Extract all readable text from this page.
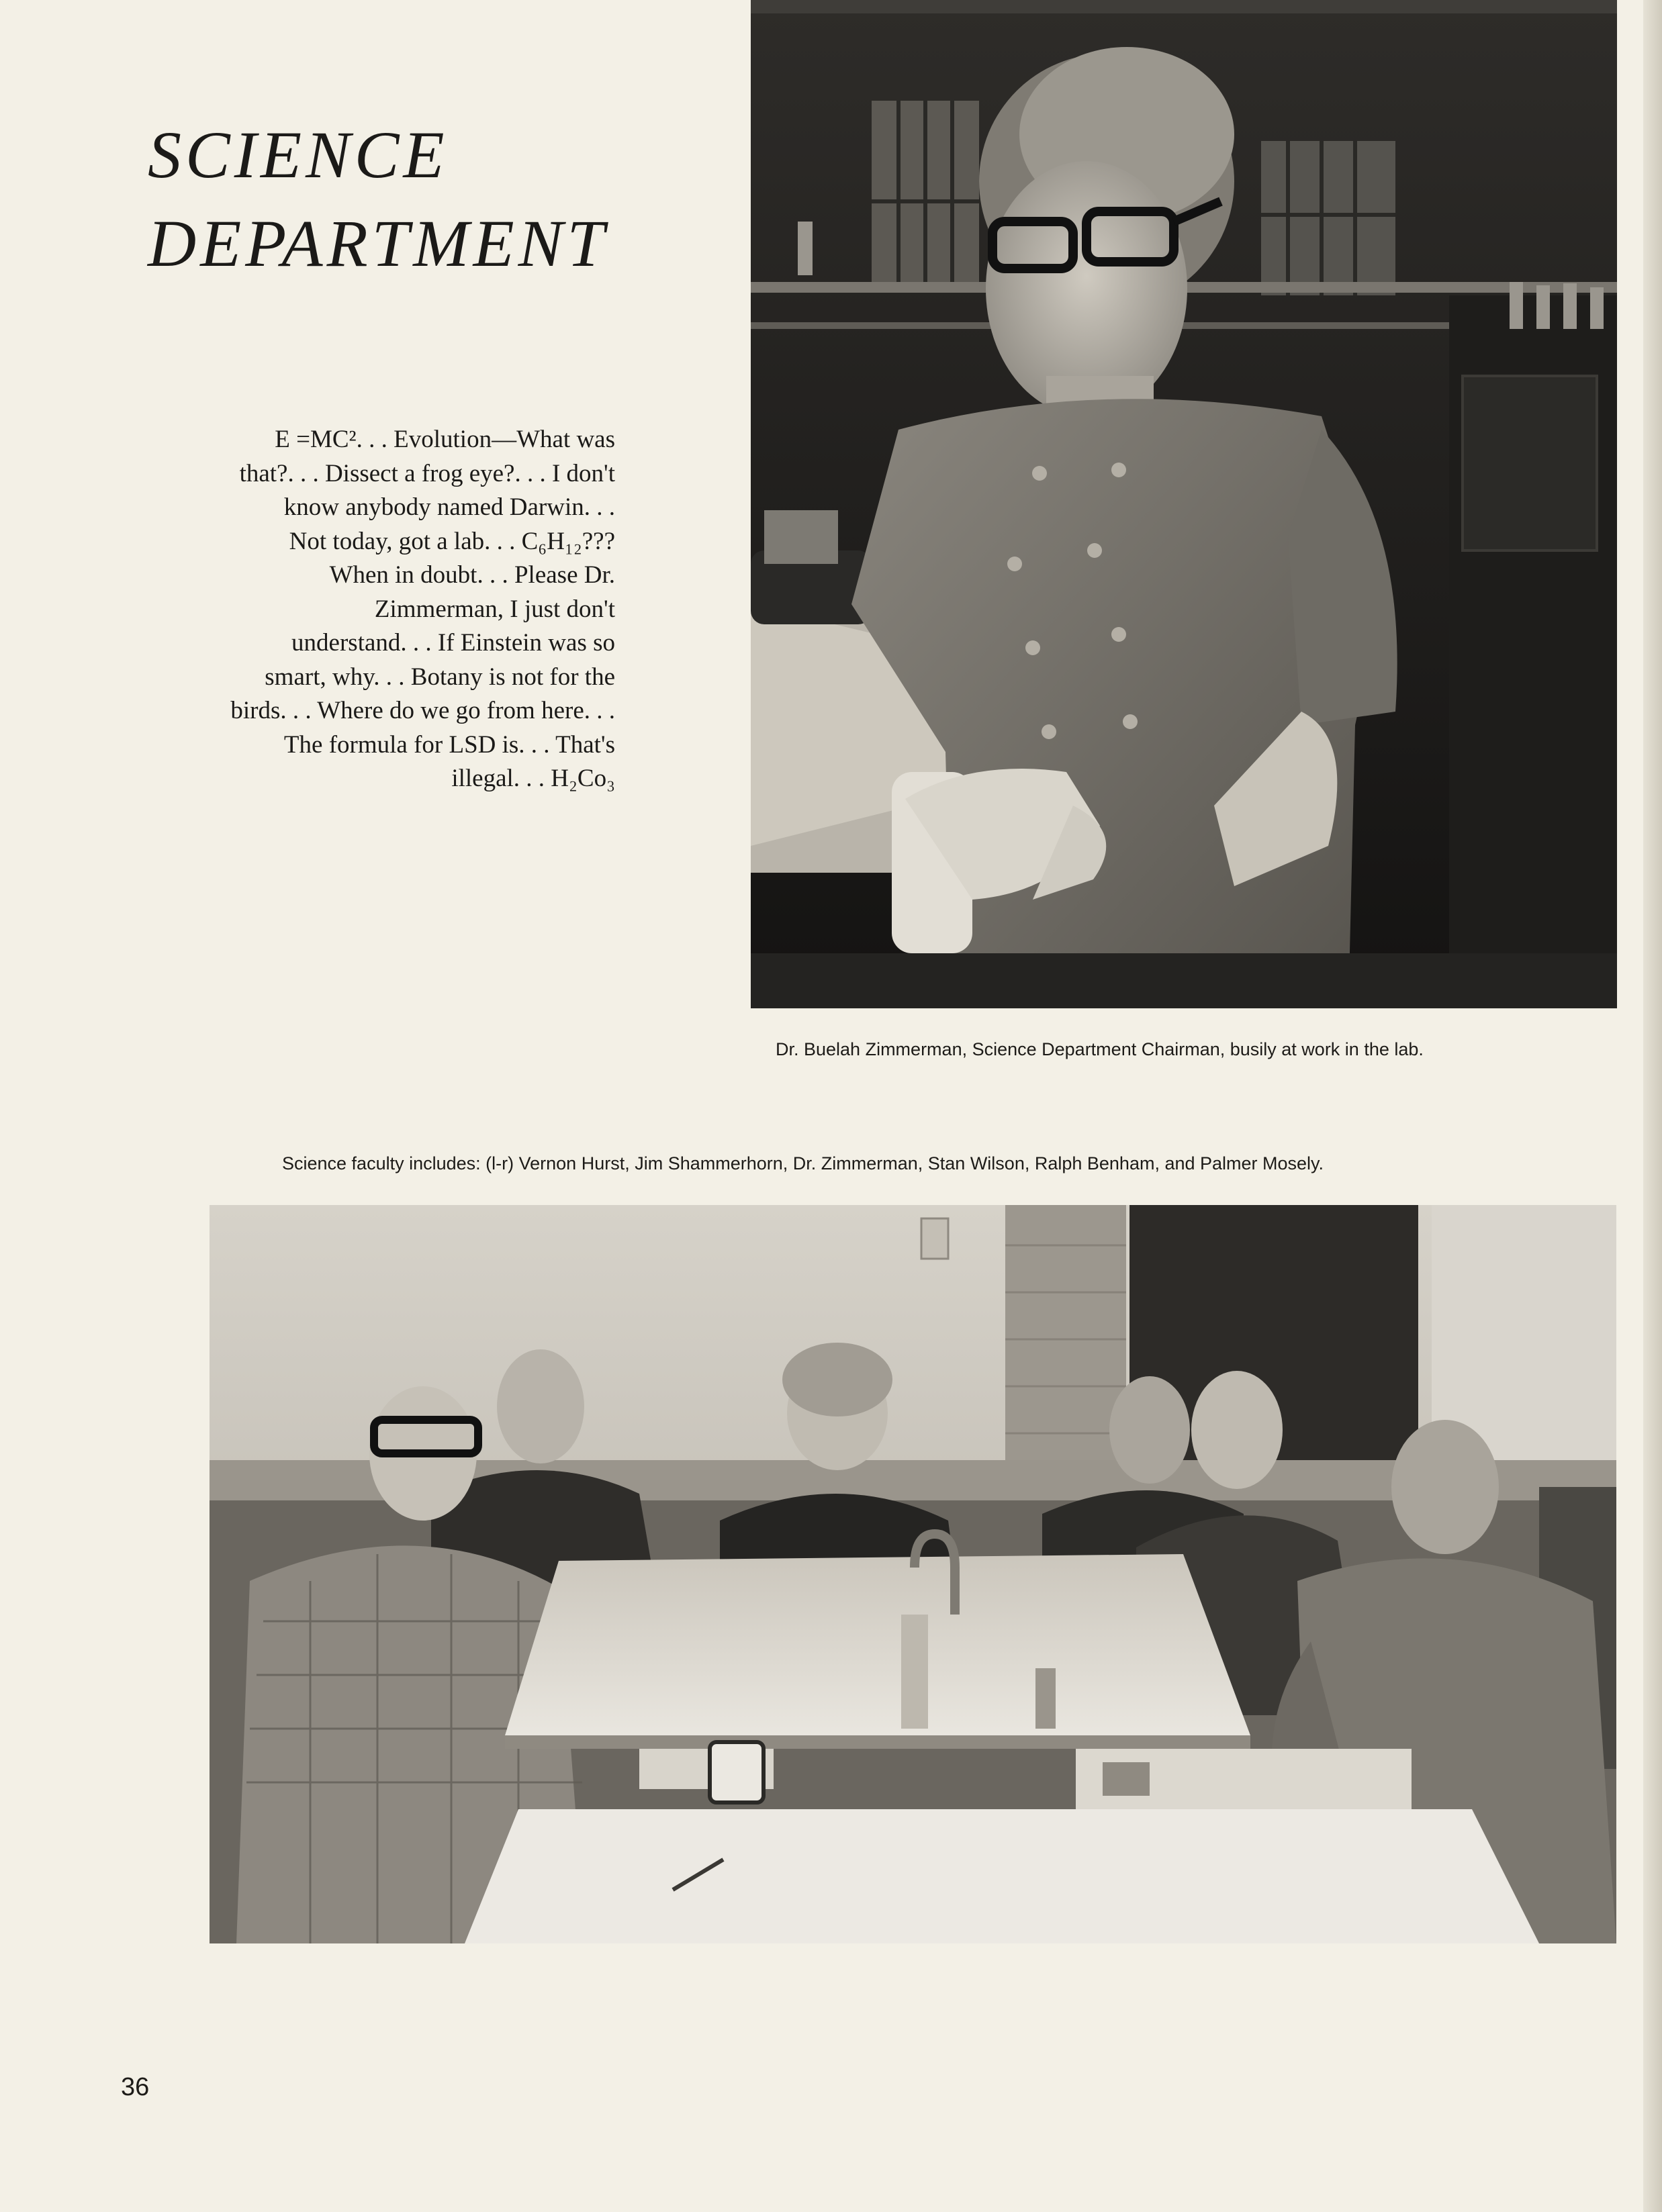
SCIENCE
DEPARTMENT
E =MC². . . Evolution—What was
that?. . . Dissect a frog eye?. . . I don't
know anybody named Darwin. . .
Not today, got a lab. . . C₆H₁₂???
When in doubt. . . Please Dr.
Zimmerman, I just don't
understand. . . If Einstein was so
smart, why. . . Botany is not for the
birds. . . Where do we go from here. . .
The formula for LSD is. . . That's
illegal. . . H₂Co₃
Dr. Buelah Zimmerman, Science Department Chairman, busily at work in the lab.
Science faculty includes: (l-r) Vernon Hurst, Jim Shammerhorn, Dr. Zimmerman, Stan Wilson, Ralph Benham, and Palmer Mosely.
36
